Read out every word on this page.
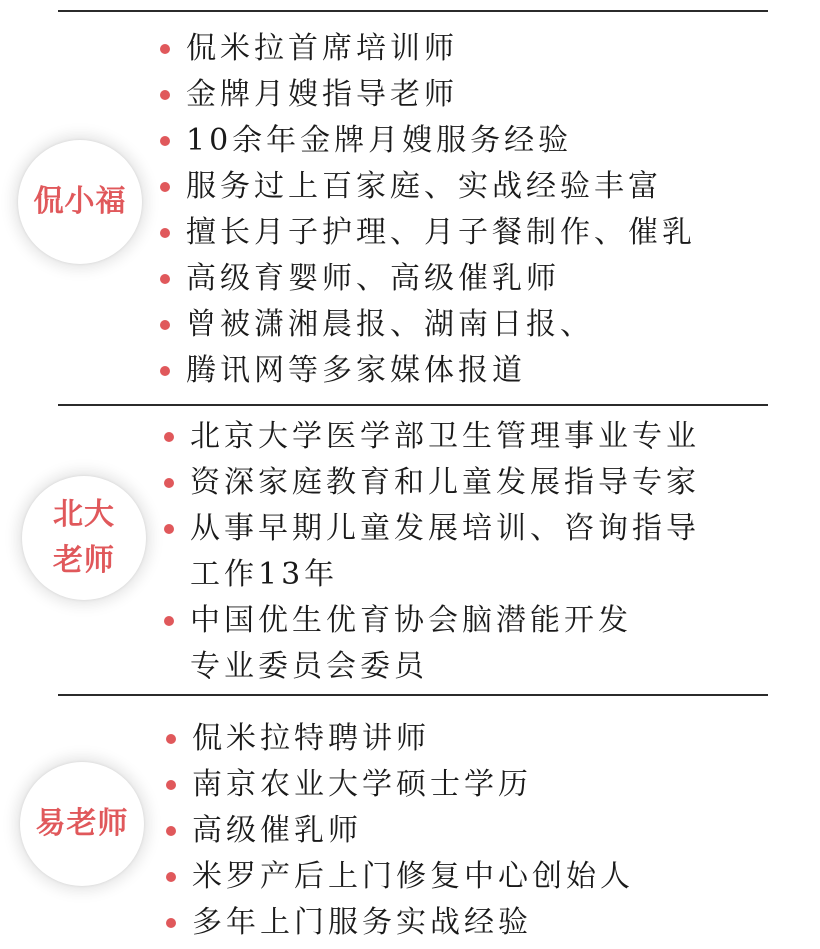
侃小福
侃米拉首席培训师
金牌月嫂指导老师
10余年金牌月嫂服务经验
服务过上百家庭、实战经验丰富
擅长月子护理、月子餐制作、催乳
高级育婴师、高级催乳师
曾被潇湘晨报、湖南日报、
腾讯网等多家媒体报道
北大
老师
北京大学医学部卫生管理事业专业
资深家庭教育和儿童发展指导专家
从事早期儿童发展培训、咨询指导
工作13年
中国优生优育协会脑潜能开发
专业委员会委员
易老师
侃米拉特聘讲师
南京农业大学硕士学历
高级催乳师
米罗产后上门修复中心创始人
多年上门服务实战经验
